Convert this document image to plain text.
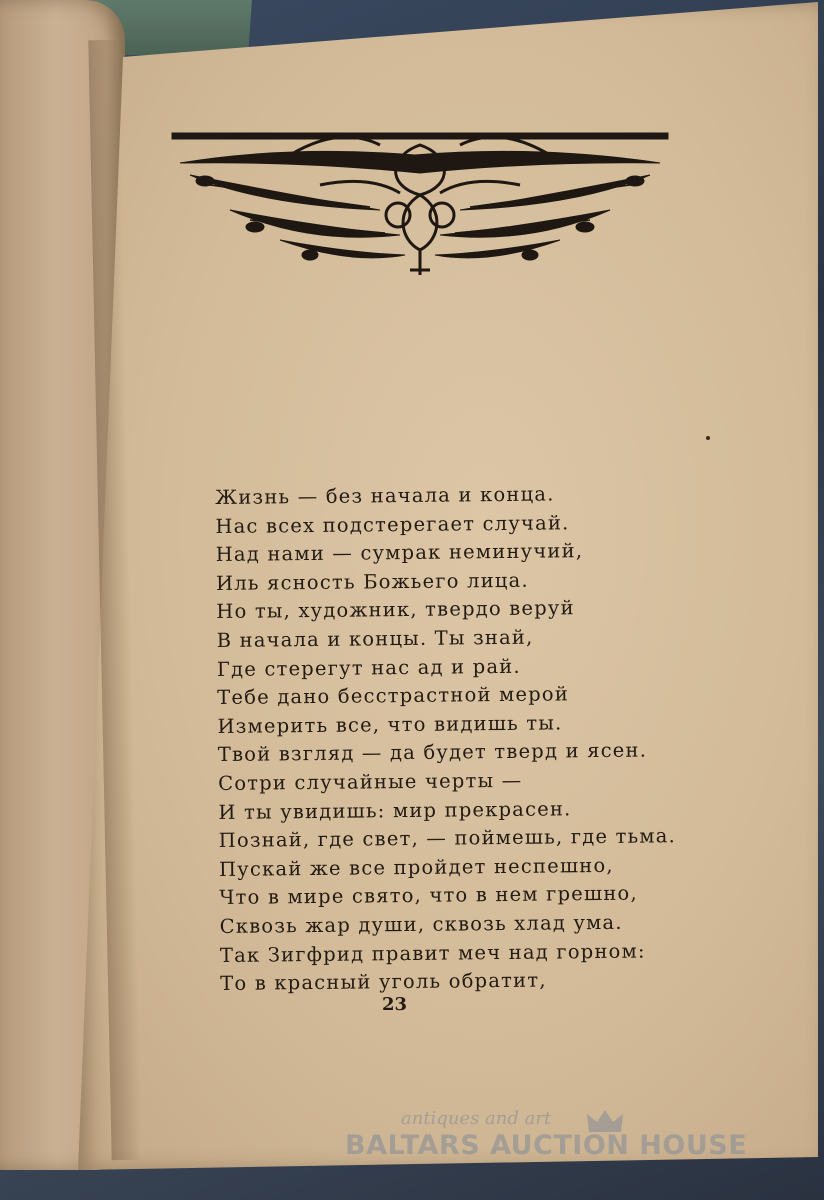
Жизнь — без начала и конца.
Нас всех подстерегает случай.
Над нами — сумрак неминучий,
Иль ясность Божьего лица.
Но ты, художник, твердо веруй
В начала и концы. Ты знай,
Где стерегут нас ад и рай.
Тебе дано бесстрастной мерой
Измерить все, что видишь ты.
Твой взгляд — да будет тверд и ясен.
Сотри случайные черты —
И ты увидишь: мир прекрасен.
Познай, где свет, — поймешь, где тьма.
Пускай же все пройдет неспешно,
Что в мире свято, что в нем грешно,
Сквозь жар души, сквозь хлад ума.
Так Зигфрид правит меч над горном:
То в красный уголь обратит,
23
antiques and art
BALTARS AUCTION HOUSE
